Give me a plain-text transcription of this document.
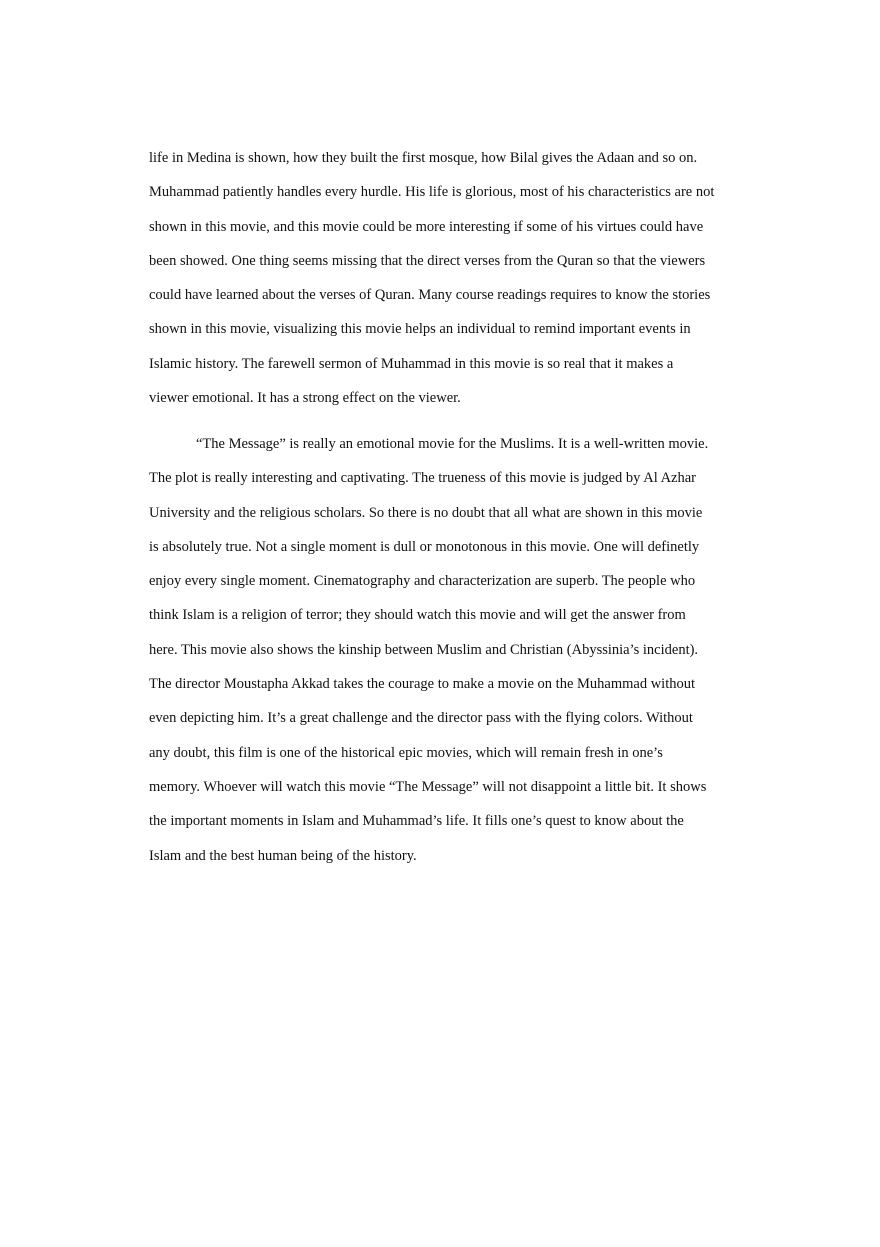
life in Medina is shown, how they built the first mosque, how Bilal gives the Adaan and so on.
Muhammad patiently handles every hurdle. His life is glorious, most of his characteristics are not
shown in this movie, and this movie could be more interesting if some of his virtues could have
been showed. One thing seems missing that the direct verses from the Quran so that the viewers
could have learned about the verses of Quran. Many course readings requires to know the stories
shown in this movie, visualizing this movie helps an individual to remind important events in
Islamic history. The farewell sermon of Muhammad in this movie is so real that it makes a
viewer emotional. It has a strong effect on the viewer.
“The Message” is really an emotional movie for the Muslims. It is a well-written movie.
The plot is really interesting and captivating. The trueness of this movie is judged by Al Azhar
University and the religious scholars. So there is no doubt that all what are shown in this movie
is absolutely true. Not a single moment is dull or monotonous in this movie. One will definetly
enjoy every single moment. Cinematography and characterization are superb. The people who
think Islam is a religion of terror; they should watch this movie and will get the answer from
here. This movie also shows the kinship between Muslim and Christian (Abyssinia’s incident).
The director Moustapha Akkad takes the courage to make a movie on the Muhammad without
even depicting him. It’s a great challenge and the director pass with the flying colors. Without
any doubt, this film is one of the historical epic movies, which will remain fresh in one’s
memory. Whoever will watch this movie “The Message” will not disappoint a little bit. It shows
the important moments in Islam and Muhammad’s life. It fills one’s quest to know about the
Islam and the best human being of the history.
